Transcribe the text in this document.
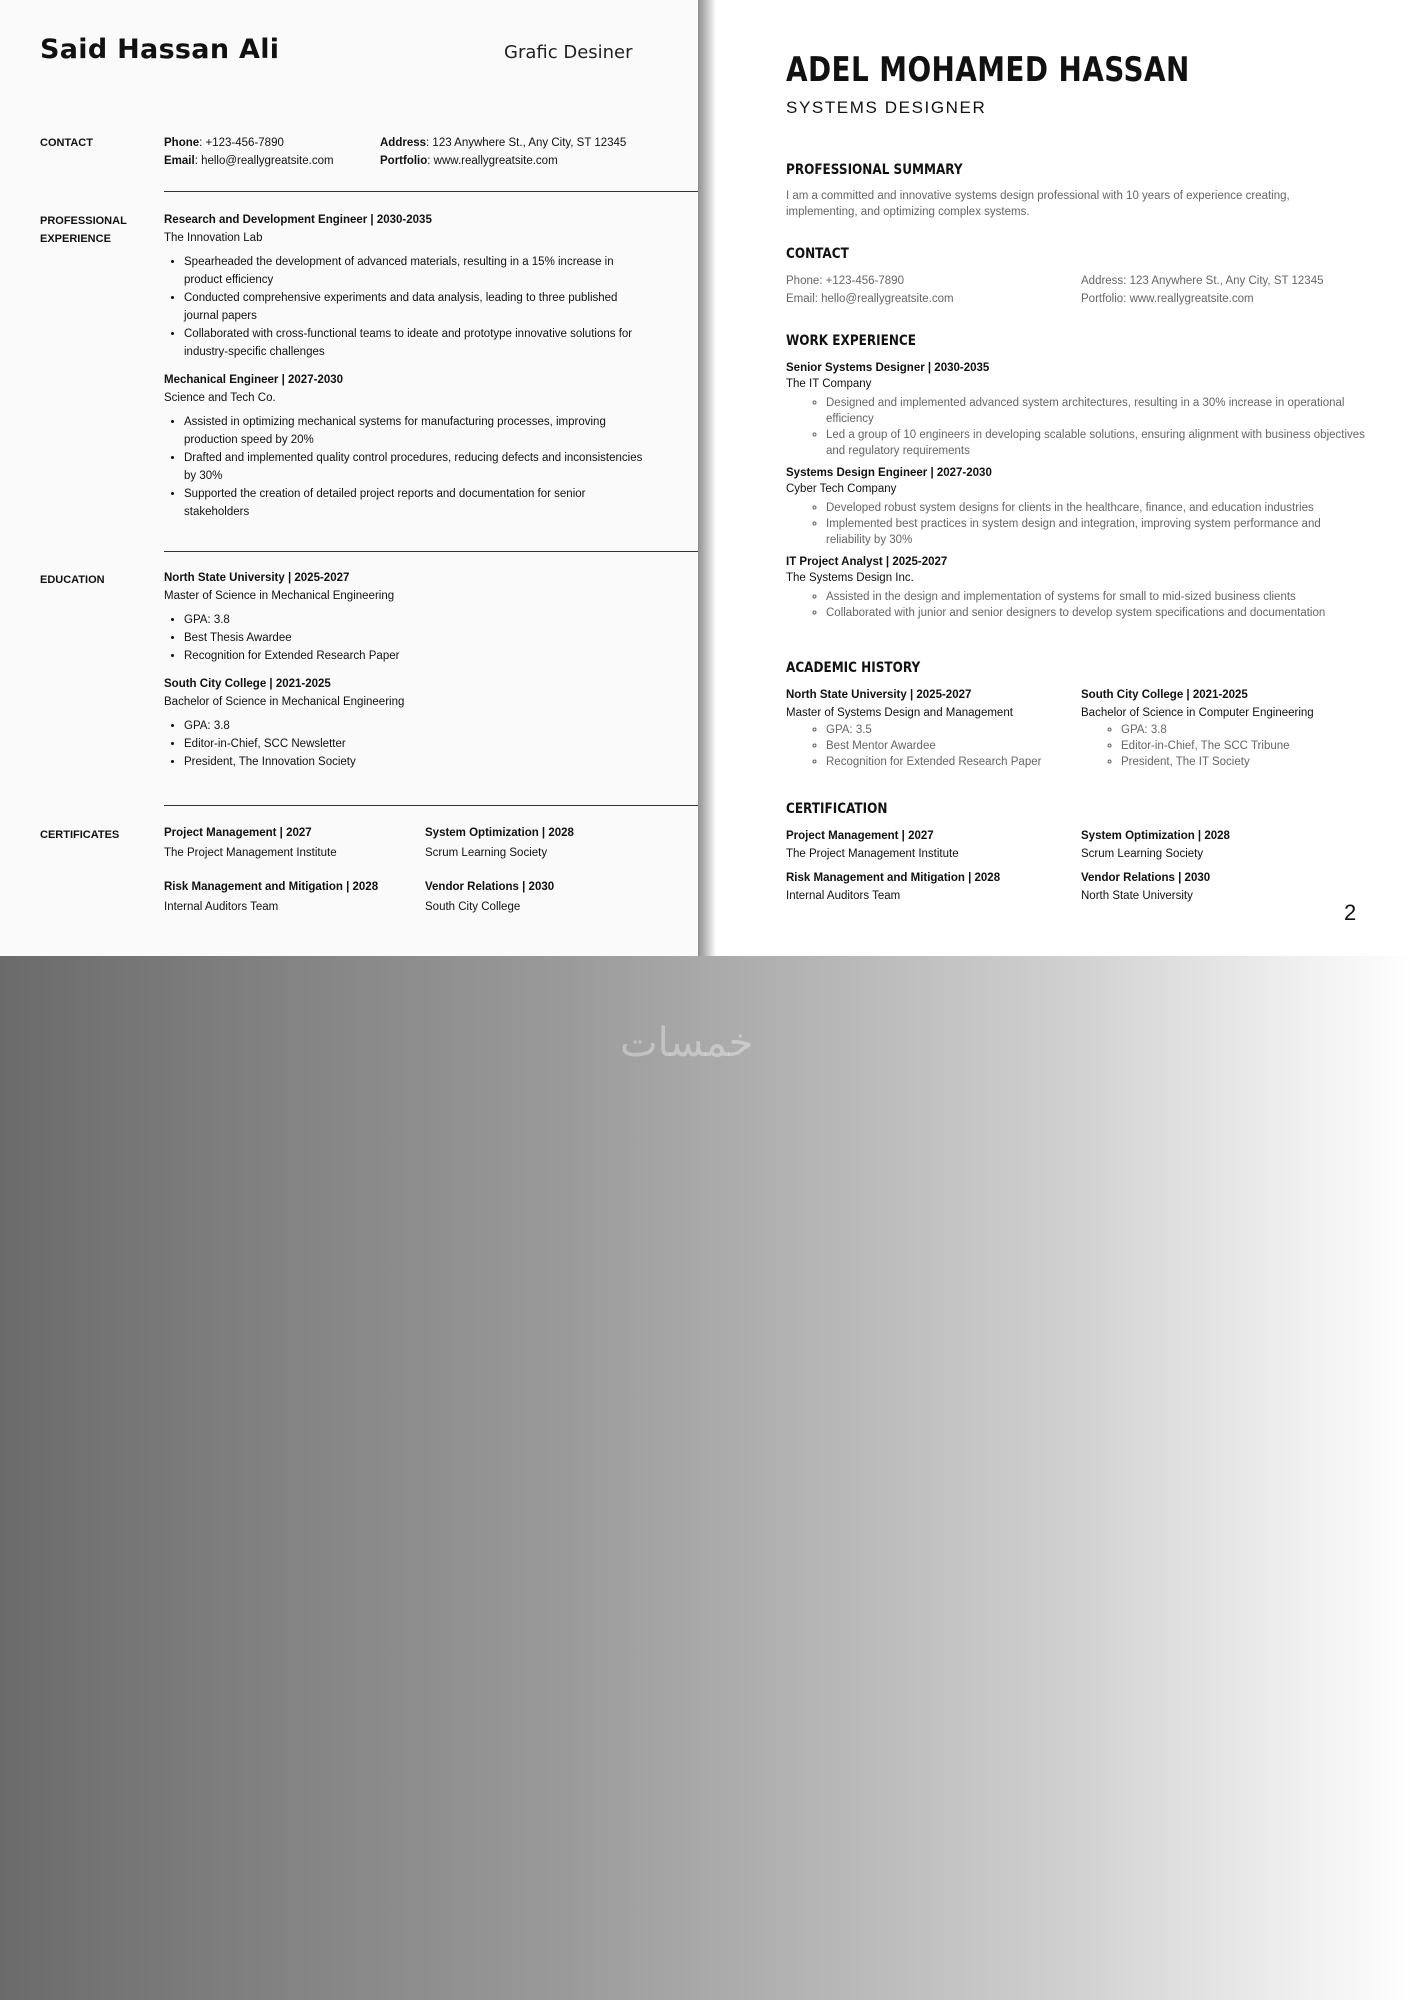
Said Hassan Ali	Grafic Desiner
CONTACT	Phone: +123-456-7890
Email: hello@reallygreatsite.com
Address: 123 Anywhere St., Any City, ST 12345
Portfolio: www.reallygreatsite.com
PROFESSIONAL
EXPERIENCE
Research and Development Engineer | 2030-2035
The Innovation Lab
• Spearheaded the development of advanced materials, resulting in a 15% increase in product efficiency
• Conducted comprehensive experiments and data analysis, leading to three published journal papers
• Collaborated with cross-functional teams to ideate and prototype innovative solutions for industry-specific challenges
Mechanical Engineer | 2027-2030
Science and Tech Co.
• Assisted in optimizing mechanical systems for manufacturing processes, improving production speed by 20%
• Drafted and implemented quality control procedures, reducing defects and inconsistencies by 30%
• Supported the creation of detailed project reports and documentation for senior stakeholders
EDUCATION	North State University | 2025-2027
Master of Science in Mechanical Engineering
• GPA: 3.8
• Best Thesis Awardee
• Recognition for Extended Research Paper
South City College | 2021-2025
Bachelor of Science in Mechanical Engineering
• GPA: 3.8
• Editor-in-Chief, SCC Newsletter
• President, The Innovation Society
CERTIFICATES	Project Management | 2027
The Project Management Institute
System Optimization | 2028
Scrum Learning Society
Risk Management and Mitigation | 2028
Internal Auditors Team
Vendor Relations | 2030
South City College
ADEL MOHAMED HASSAN
SYSTEMS DESIGNER
PROFESSIONAL SUMMARY
I am a committed and innovative systems design professional with 10 years of experience creating, implementing, and optimizing complex systems.
CONTACT
Phone: +123-456-7890
Email: hello@reallygreatsite.com
Address: 123 Anywhere St., Any City, ST 12345
Portfolio: www.reallygreatsite.com
WORK EXPERIENCE
Senior Systems Designer | 2030-2035
The IT Company
◦ Designed and implemented advanced system architectures, resulting in a 30% increase in operational efficiency
◦ Led a group of 10 engineers in developing scalable solutions, ensuring alignment with business objectives and regulatory requirements
Systems Design Engineer | 2027-2030
Cyber Tech Company
◦ Developed robust system designs for clients in the healthcare, finance, and education industries
◦ Implemented best practices in system design and integration, improving system performance and reliability by 30%
IT Project Analyst | 2025-2027
The Systems Design Inc.
◦ Assisted in the design and implementation of systems for small to mid-sized business clients
◦ Collaborated with junior and senior designers to develop system specifications and documentation
ACADEMIC HISTORY
North State University | 2025-2027
Master of Systems Design and Management
◦ GPA: 3.5
◦ Best Mentor Awardee
◦ Recognition for Extended Research Paper
South City College | 2021-2025
Bachelor of Science in Computer Engineering
◦ GPA: 3.8
◦ Editor-in-Chief, The SCC Tribune
◦ President, The IT Society
CERTIFICATION
Project Management | 2027
The Project Management Institute
System Optimization | 2028
Scrum Learning Society
Risk Management and Mitigation | 2028
Internal Auditors Team
Vendor Relations | 2030
North State University
2
خمسات
